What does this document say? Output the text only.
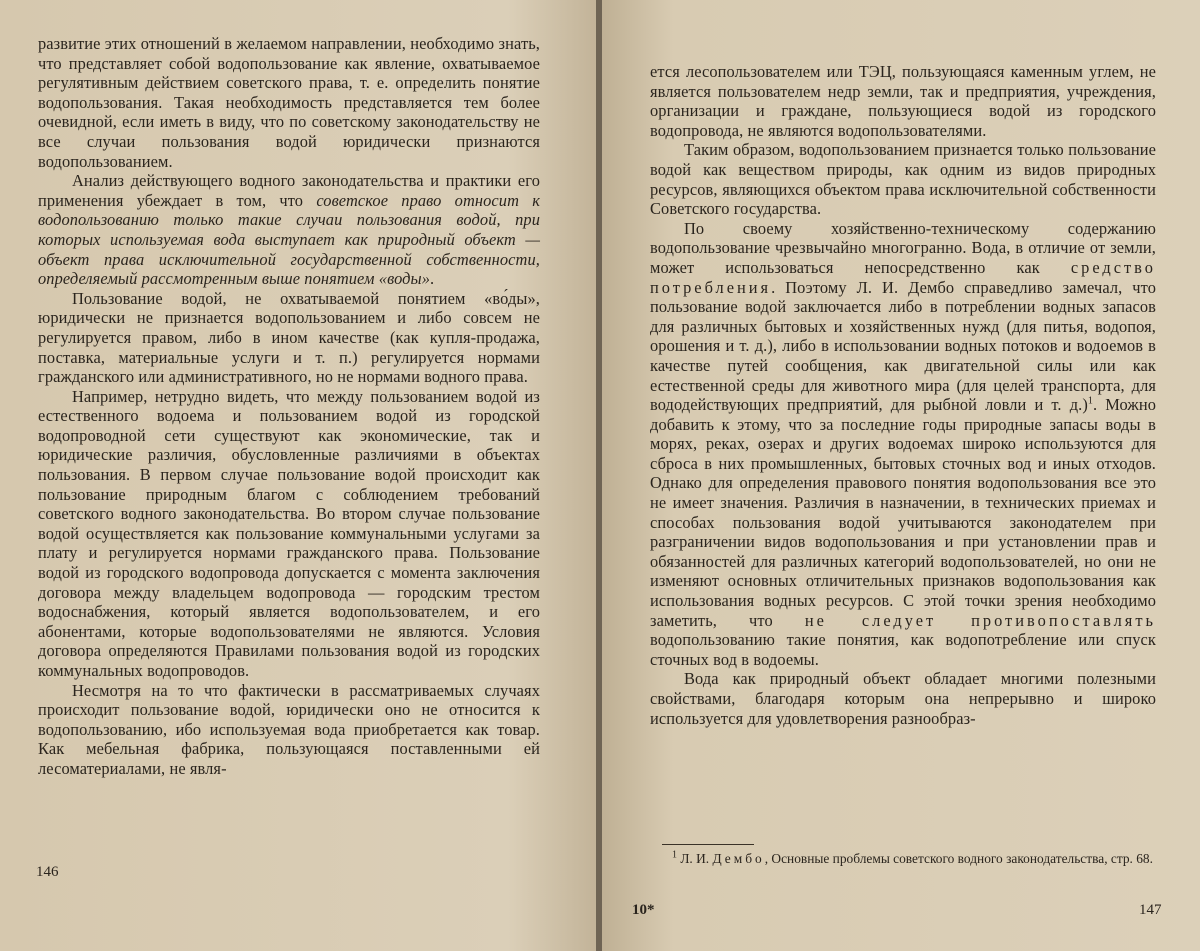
развитие этих отношений в желаемом направлении, необходимо знать, что представляет собой водопользование как явление, охватываемое регулятивным действием советского права, т. е. определить понятие водопользования. Такая необходимость представляется тем более очевидной, если иметь в виду, что по советскому законодательству не все случаи пользования водой юридически признаются водопользованием.

Анализ действующего водного законодательства и практики его применения убеждает в том, что советское право относит к водопользованию только такие случаи пользования водой, при которых используемая вода выступает как природный объект — объект права исключительной государственной собственности, определяемый рассмотренным выше понятием «воды».

Пользование водой, не охватываемой понятием «во́ды», юридически не признается водопользованием и либо совсем не регулируется правом, либо в ином качестве (как купля-продажа, поставка, материальные услуги и т. п.) регулируется нормами гражданского или административного, но не нормами водного права.

Например, нетрудно видеть, что между пользованием водой из естественного водоема и пользованием водой из городской водопроводной сети существуют как экономические, так и юридические различия, обусловленные различиями в объектах пользования. В первом случае пользование водой происходит как пользование природным благом с соблюдением требований советского водного законодательства. Во втором случае пользование водой осуществляется как пользование коммунальными услугами за плату и регулируется нормами гражданского права. Пользование водой из городского водопровода допускается с момента заключения договора между владельцем водопровода — городским трестом водоснабжения, который является водопользователем, и его абонентами, которые водопользователями не являются. Условия договора определяются Правилами пользования водой из городских коммунальных водопроводов.

Несмотря на то что фактически в рассматриваемых случаях происходит пользование водой, юридически оно не относится к водопользованию, ибо используемая вода приобретается как товар. Как мебельная фабрика, пользующаяся поставленными ей лесоматериалами, не явля-

146

ется лесопользователем или ТЭЦ, пользующаяся каменным углем, не является пользователем недр земли, так и предприятия, учреждения, организации и граждане, пользующиеся водой из городского водопровода, не являются водопользователями.

Таким образом, водопользованием признается только пользование водой как веществом природы, как одним из видов природных ресурсов, являющихся объектом права исключительной собственности Советского государства.

По своему хозяйственно-техническому содержанию водопользование чрезвычайно многогранно. Вода, в отличие от земли, может использоваться непосредственно как средство потребления. Поэтому Л. И. Дембо справедливо замечал, что пользование водой заключается либо в потреблении водных запасов для различных бытовых и хозяйственных нужд (для питья, водопоя, орошения и т. д.), либо в использовании водных потоков и водоемов в качестве путей сообщения, как двигательной силы или как естественной среды для животного мира (для целей транспорта, для вододействующих предприятий, для рыбной ловли и т. д.)$^1$. Можно добавить к этому, что за последние годы природные запасы воды в морях, реках, озерах и других водоемах широко используются для сброса в них промышленных, бытовых сточных вод и иных отходов. Однако для определения правового понятия водопользования все это не имеет значения. Различия в назначении, в технических приемах и способах пользования водой учитываются законодателем при разграничении видов водопользования и при установлении прав и обязанностей для различных категорий водопользователей, но они не изменяют основных отличительных признаков водопользования как использования водных ресурсов. С этой точки зрения необходимо заметить, что не следует противопоставлять водопользованию такие понятия, как водопотребление или спуск сточных вод в водоемы.

Вода как природный объект обладает многими полезными свойствами, благодаря которым она непрерывно и широко используется для удовлетворения разнообраз-

$^1$ Л. И. Дембо, Основные проблемы советского водного законодательства, стр. 68.
10*	147
